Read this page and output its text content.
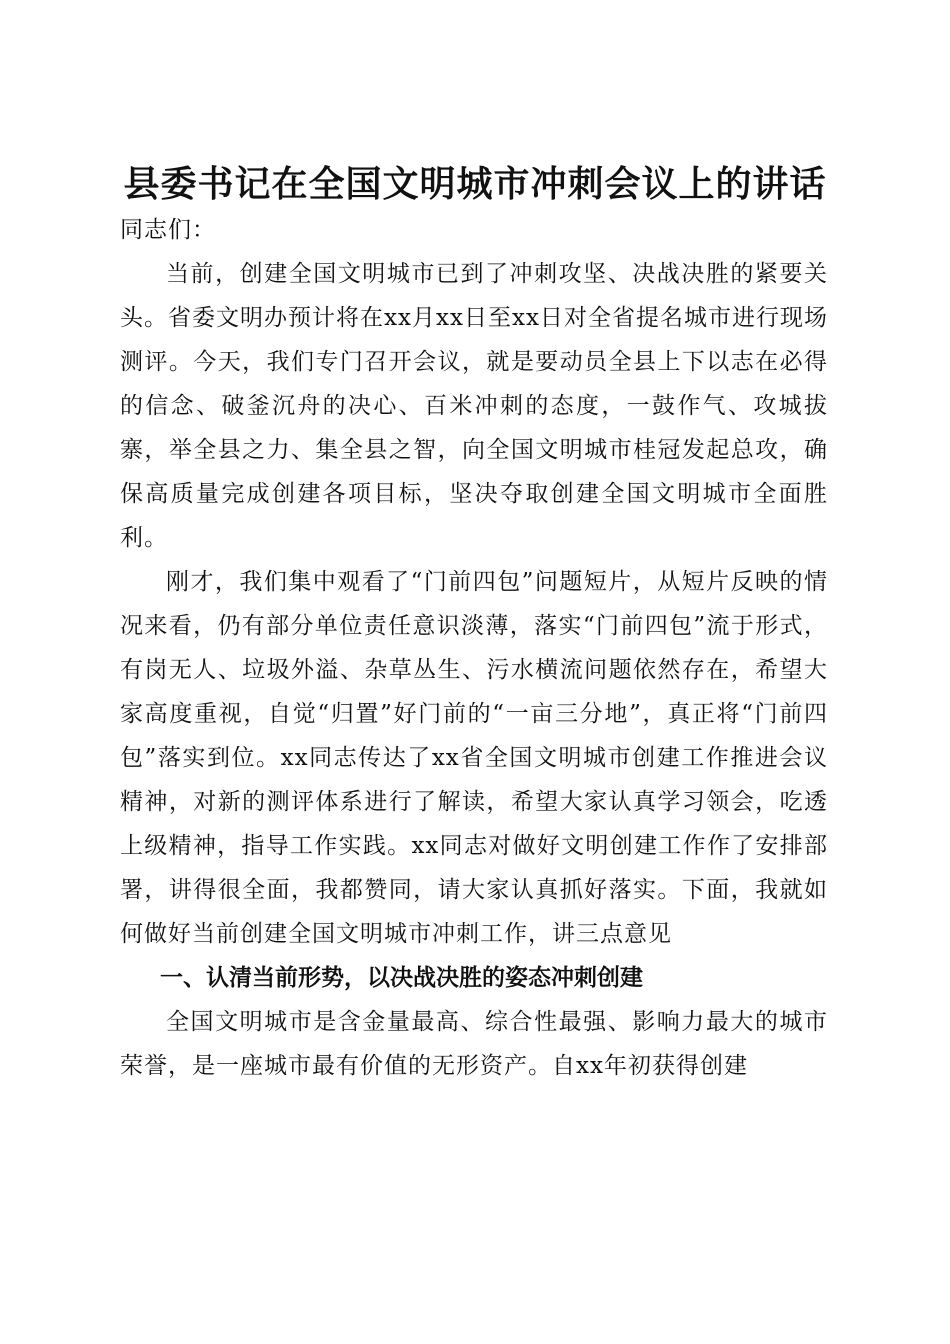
县委书记在全国文明城市冲刺会议上的讲话

同志们：

当前，创建全国文明城市已到了冲刺攻坚、决战决胜的紧要关头。省委文明办预计将在xx月xx日至xx日对全省提名城市进行现场测评。今天，我们专门召开会议，就是要动员全县上下以志在必得的信念、破釜沉舟的决心、百米冲刺的态度，一鼓作气、攻城拔寨，举全县之力、集全县之智，向全国文明城市桂冠发起总攻，确保高质量完成创建各项目标，坚决夺取创建全国文明城市全面胜利。

刚才，我们集中观看了“门前四包”问题短片，从短片反映的情况来看，仍有部分单位责任意识淡薄，落实“门前四包”流于形式，有岗无人、垃圾外溢、杂草丛生、污水横流问题依然存在，希望大家高度重视，自觉“归置”好门前的“一亩三分地”，真正将“门前四包”落实到位。xx同志传达了xx省全国文明城市创建工作推进会议精神，对新的测评体系进行了解读，希望大家认真学习领会，吃透上级精神，指导工作实践。xx同志对做好文明创建工作作了安排部署，讲得很全面，我都赞同，请大家认真抓好落实。下面，我就如何做好当前创建全国文明城市冲刺工作，讲三点意见

一、认清当前形势，以决战决胜的姿态冲刺创建

全国文明城市是含金量最高、综合性最强、影响力最大的城市荣誉，是一座城市最有价值的无形资产。自xx年初获得创建
